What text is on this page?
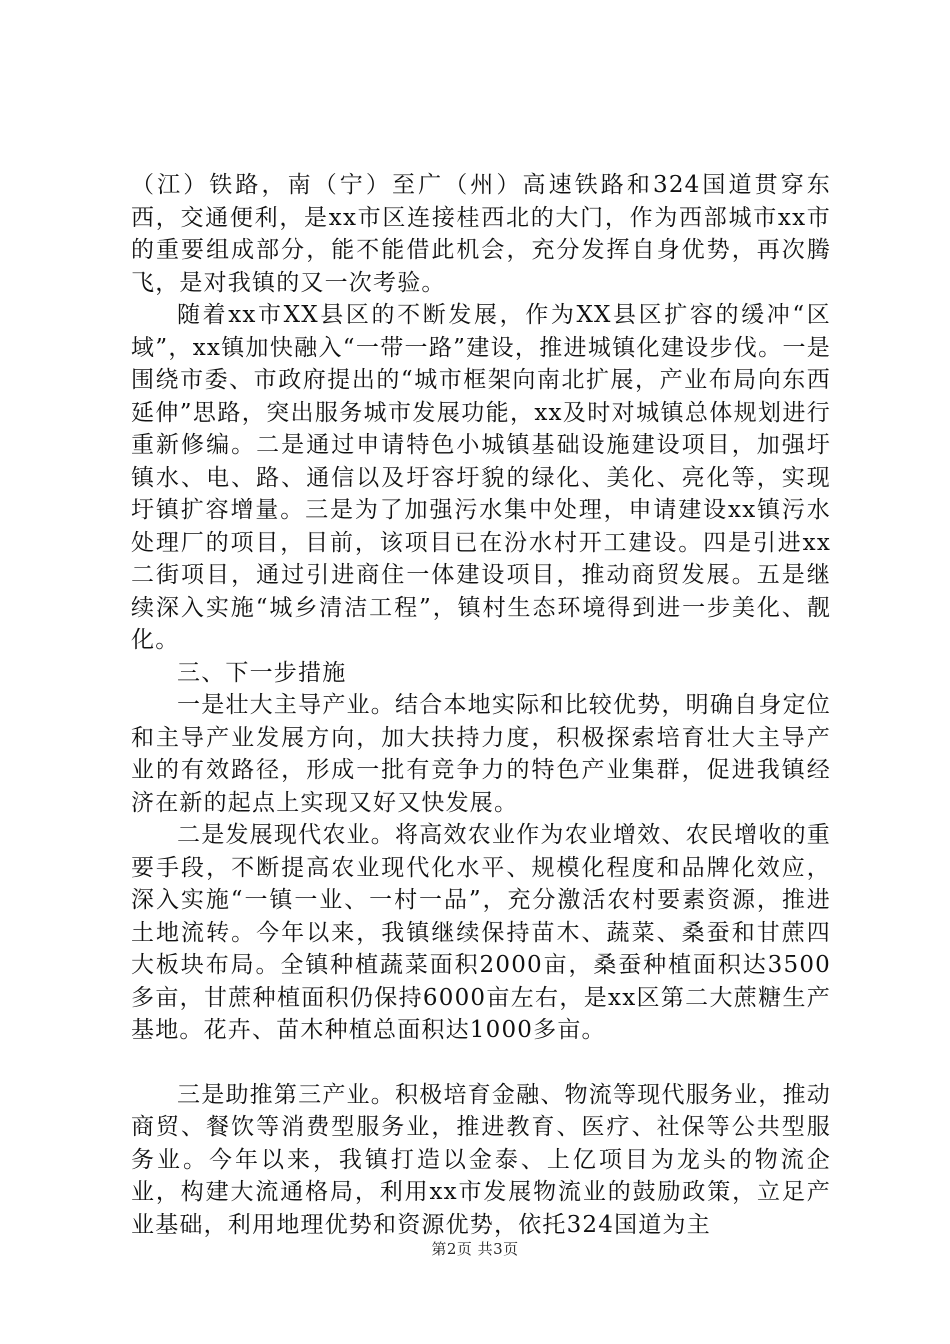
（江）铁路，南（宁）至广（州）高速铁路和324国道贯穿东西，交通便利，是xx市区连接桂西北的大门，作为西部城市xx市的重要组成部分，能不能借此机会，充分发挥自身优势，再次腾飞，是对我镇的又一次考验。

随着xx市XX县区的不断发展，作为XX县区扩容的缓冲“区域”，xx镇加快融入“一带一路”建设，推进城镇化建设步伐。一是围绕市委、市政府提出的“城市框架向南北扩展，产业布局向东西延伸”思路，突出服务城市发展功能，xx及时对城镇总体规划进行重新修编。二是通过申请特色小城镇基础设施建设项目，加强圩镇水、电、路、通信以及圩容圩貌的绿化、美化、亮化等，实现圩镇扩容增量。三是为了加强污水集中处理，申请建设xx镇污水处理厂的项目，目前，该项目已在汾水村开工建设。四是引进xx二街项目，通过引进商住一体建设项目，推动商贸发展。五是继续深入实施“城乡清洁工程”，镇村生态环境得到进一步美化、靓化。

三、下一步措施

一是壮大主导产业。结合本地实际和比较优势，明确自身定位和主导产业发展方向，加大扶持力度，积极探索培育壮大主导产业的有效路径，形成一批有竞争力的特色产业集群，促进我镇经济在新的起点上实现又好又快发展。

二是发展现代农业。将高效农业作为农业增效、农民增收的重要手段，不断提高农业现代化水平、规模化程度和品牌化效应，深入实施“一镇一业、一村一品”，充分激活农村要素资源，推进土地流转。今年以来，我镇继续保持苗木、蔬菜、桑蚕和甘蔗四大板块布局。全镇种植蔬菜面积2000亩，桑蚕种植面积达3500多亩，甘蔗种植面积仍保持6000亩左右，是xx区第二大蔗糖生产基地。花卉、苗木种植总面积达1000多亩。

三是助推第三产业。积极培育金融、物流等现代服务业，推动商贸、餐饮等消费型服务业，推进教育、医疗、社保等公共型服务业。今年以来，我镇打造以金泰、上亿项目为龙头的物流企业，构建大流通格局，利用xx市发展物流业的鼓励政策，立足产业基础，利用地理优势和资源优势，依托324国道为主

第2页 共3页
